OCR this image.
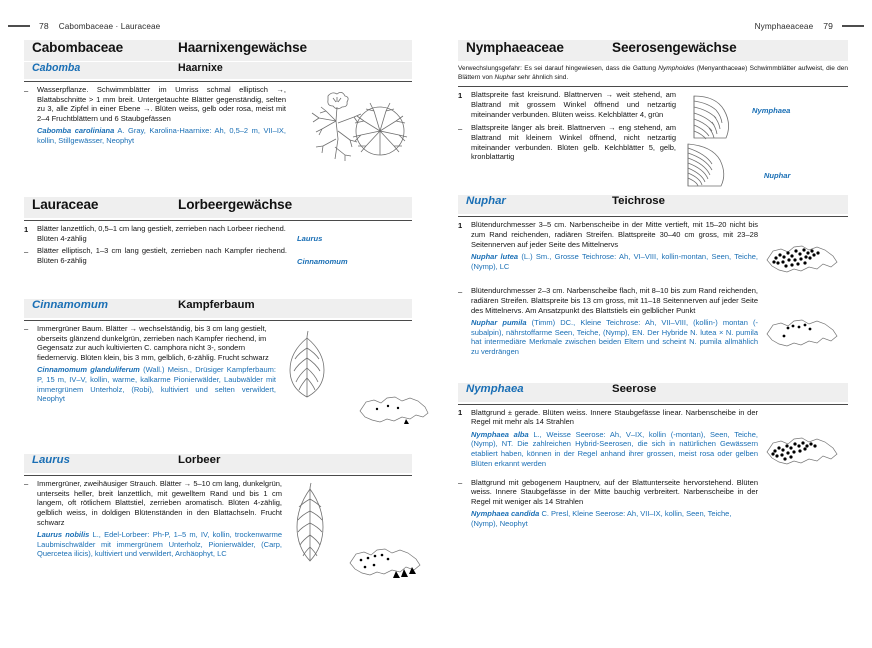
78 Cabombaceae · Lauraceae
Cabombaceae	Haarnixengewächse
Cabomba	Haarnixe
–	Wasserpflanze. Schwimmblätter im Umriss schmal elliptisch →, Blattabschnitte > 1 mm breit. Untergetauchte Blätter gegenständig, selten zu 3, alle Zipfel in einer Ebene →. Blüten weiss, gelb oder rosa, meist mit 2–4 Fruchtblättern und 6 Staubgefässen

Cabomba caroliniana A. Gray, Karolina-Haarnixe: Ah, 0,5–2 m, VII–IX, kollin, Stillgewässer, Neophyt

Lauraceae	Lorbeergewächse
1	Blätter lanzettlich, 0,5–1 cm lang gestielt, zerrieben nach Lorbeer riechend. Blüten 4-zählig	Laurus
–	Blätter elliptisch, 1–3 cm lang gestielt, zerrieben nach Kampfer riechend. Blüten 6-zählig	Cinnamomum
Cinnamomum	Kampferbaum
–	Immergrüner Baum. Blätter → wechselständig, bis 3 cm lang gestielt, oberseits glänzend dunkelgrün, zerrieben nach Kampfer riechend, im Gegensatz zur auch kultivierten C. camphora nicht 3-, sondern fiedernervig. Blüten klein, bis 3 mm, gelblich, 6-zählig. Frucht schwarz

Cinnamomum glanduliferum (Wall.) Meisn., Drüsiger Kampferbaum: P, 15 m, IV–V, kollin, warme, kalkarme Pionierwälder, Laubwälder mit immergrünem Unterholz, (Robi), kultiviert und selten verwildert, Neophyt

Laurus	Lorbeer
–	Immergrüner, zweihäusiger Strauch. Blätter → 5–10 cm lang, dunkelgrün, unterseits heller, breit lanzettlich, mit gewelltem Rand und bis 1 cm langem, oft rötlichem Blattstiel, zerrieben aromatisch. Blüten 4-zählig, gelblich weiss, in doldigen Blütenständen in den Blattachseln. Frucht schwarz

Laurus nobilis L., Edel-Lorbeer: Ph-P, 1–5 m, IV, kollin, trockenwarme Laubmischwälder mit immergrünem Unterholz, Pionierwälder, (Carp, Quercetea ilicis), kultiviert und verwildert, Archäophyt, LC

Nymphaeaceae 79
Nymphaeaceae	Seerosengewächse

Verwechslungsgefahr: Es sei darauf hingewiesen, dass die Gattung Nymphoides (Menyanthaceae) Schwimmblätter aufweist, die den Blättern von Nuphar sehr ähnlich sind.

1	Blattspreite fast kreisrund. Blattnerven → weit stehend, am Blattrand mit grossem Winkel öffnend und netzartig miteinander verbunden. Blüten weiss. Kelchblätter 4, grün

–	Blattspreite länger als breit. Blattnerven → eng stehend, am Blattrand mit kleinem Winkel öffnend, nicht netzartig miteinander verbunden. Blüten gelb. Kelchblätter 5, gelb, kronblattartig

Nymphaea
Nuphar
Nuphar	Teichrose
1	Blütendurchmesser 3–5 cm. Narbenscheibe in der Mitte vertieft, mit 15–20 nicht bis zum Rand reichenden, radiären Streifen. Blattspreite 30–40 cm gross, mit 23–28 Seitennerven auf jeder Seite des Mittelnervs

Nuphar lutea (L.) Sm., Grosse Teichrose: Ah, VI–VIII, kollin-montan, Seen, Teiche, (Nymp), LC

–	Blütendurchmesser 2–3 cm. Narbenscheibe flach, mit 8–10 bis zum Rand reichenden, radiären Streifen. Blattspreite bis 13 cm gross, mit 11–18 Seitennerven auf jeder Seite des Mittelnervs. Am Ansatzpunkt des Blattstiels ein gelblicher Punkt

Nuphar pumila (Timm) DC., Kleine Teichrose: Ah, VII–VIII, (kollin-) montan (-subalpin), nährstoffarme Seen, Teiche, (Nymp), EN. Der Hybride N. lutea × N. pumila hat intermediäre Merkmale zwischen beiden Eltern und scheint N. pumila allmählich zu verdrängen

Nymphaea	Seerose
1	Blattgrund ± gerade. Blüten weiss. Innere Staubgefässe linear. Narbenscheibe in der Regel mit mehr als 14 Strahlen

Nymphaea alba L., Weisse Seerose: Ah, V–IX, kollin (-montan), Seen, Teiche, (Nymp), NT. Die zahlreichen Hybrid-Seerosen, die sich in natürlichen Gewässern etabliert haben, können in der Regel anhand ihrer grossen, meist rosa oder gelben Blüten erkannt werden

–	Blattgrund mit gebogenem Hauptnerv, auf der Blattunterseite hervorstehend. Blüten weiss. Innere Staubgefässe in der Mitte bauchig verbreitert. Narbenscheibe in der Regel mit weniger als 14 Strahlen

Nymphaea candida C. Presl, Kleine Seerose: Ah, VII–IX, kollin, Seen, Teiche, (Nymp), Neophyt
